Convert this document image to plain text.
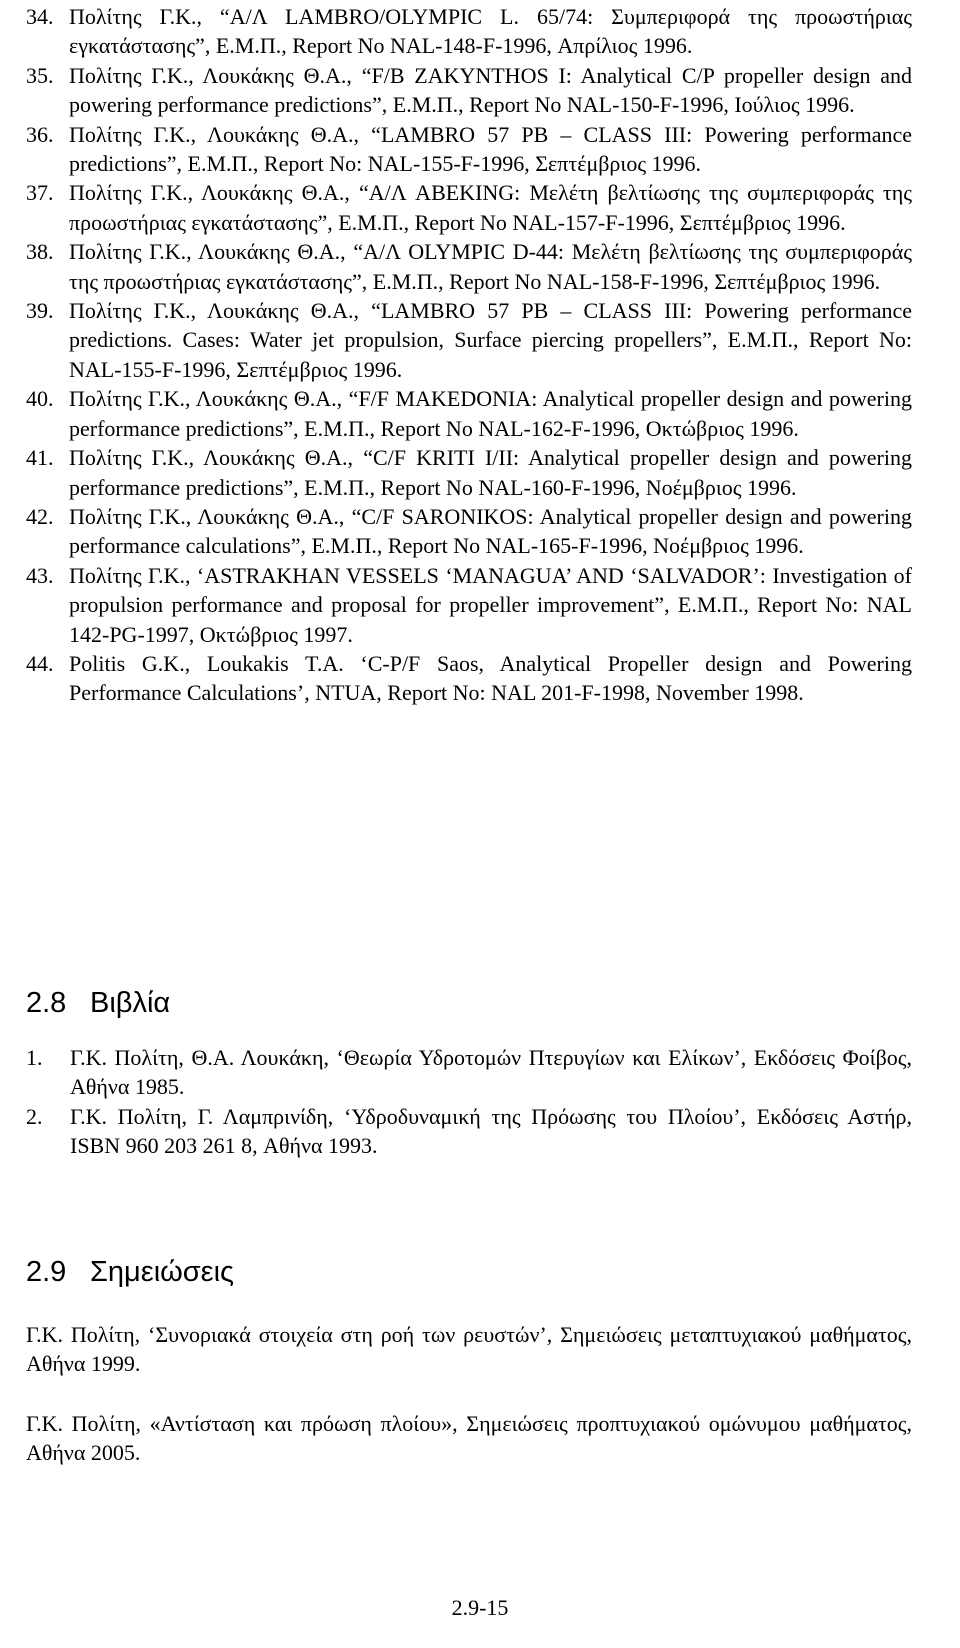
34. Πολίτης Γ.Κ., “Α/Λ LAMBRO/OLYMPIC L. 65/74: Συμπεριφορά της προωστήριας εγκατάστασης”, Ε.Μ.Π., Report No NAL-148-F-1996, Απρίλιος 1996.

35. Πολίτης Γ.Κ., Λουκάκης Θ.Α., “F/B ZAKYNTHOS I: Analytical C/P propeller design and powering performance predictions”, Ε.Μ.Π., Report No NAL-150-F-1996, Ιούλιος 1996.

36. Πολίτης Γ.Κ., Λουκάκης Θ.Α., “LAMBRO 57 PB – CLASS III: Powering performance predictions”, Ε.Μ.Π., Report No: NAL-155-F-1996, Σεπτέμβριος 1996.

37. Πολίτης Γ.Κ., Λουκάκης Θ.Α., “Α/Λ ABEKING: Μελέτη βελτίωσης της συμπεριφοράς της προωστήριας εγκατάστασης”, Ε.Μ.Π., Report No NAL-157-F-1996, Σεπτέμβριος 1996.

38. Πολίτης Γ.Κ., Λουκάκης Θ.Α., “Α/Λ OLYMPIC D-44: Μελέτη βελτίωσης της συμπεριφοράς της προωστήριας εγκατάστασης”, Ε.Μ.Π., Report No NAL-158-F-1996, Σεπτέμβριος 1996.

39. Πολίτης Γ.Κ., Λουκάκης Θ.Α., “LAMBRO 57 PB – CLASS III: Powering performance predictions. Cases: Water jet propulsion, Surface piercing propellers”, Ε.Μ.Π., Report No: NAL-155-F-1996, Σεπτέμβριος 1996.

40. Πολίτης Γ.Κ., Λουκάκης Θ.Α., “F/F MAKEDONIA: Analytical propeller design and powering performance predictions”, Ε.Μ.Π., Report No NAL-162-F-1996, Οκτώβριος 1996.

41. Πολίτης Γ.Κ., Λουκάκης Θ.Α., “C/F KRITI I/II: Analytical propeller design and powering performance predictions”, Ε.Μ.Π., Report No NAL-160-F-1996, Νοέμβριος 1996.

42. Πολίτης Γ.Κ., Λουκάκης Θ.Α., “C/F SARONIKOS: Analytical propeller design and powering performance calculations”, Ε.Μ.Π., Report No NAL-165-F-1996, Νοέμβριος 1996.

43. Πολίτης Γ.Κ., ‘ASTRAKHAN VESSELS ‘MANAGUA’ AND ‘SALVADOR’: Investigation of propulsion performance and proposal for propeller improvement”, Ε.Μ.Π., Report No: NAL 142-PG-1997, Οκτώβριος 1997.

44. Politis G.K., Loukakis T.A. ‘C-P/F Saos, Analytical Propeller design and Powering Performance Calculations’, NTUA, Report No: NAL 201-F-1998, November 1998.

2.8 Βιβλία

1. Γ.Κ. Πολίτη, Θ.Α. Λουκάκη, ‘Θεωρία Υδροτομών Πτερυγίων και Ελίκων’, Εκδόσεις Φοίβος, Αθήνα 1985.

2. Γ.Κ. Πολίτη, Γ. Λαμπρινίδη, ‘Υδροδυναμική της Πρόωσης του Πλοίου’, Εκδόσεις Αστήρ, ISBN 960 203 261 8, Αθήνα 1993.

2.9 Σημειώσεις

Γ.Κ. Πολίτη, ‘Συνοριακά στοιχεία στη ροή των ρευστών’, Σημειώσεις μεταπτυχιακού μαθήματος, Αθήνα 1999.

Γ.Κ. Πολίτη, «Αντίσταση και πρόωση πλοίου», Σημειώσεις προπτυχιακού ομώνυμου μαθήματος, Αθήνα 2005.

2.9-15
